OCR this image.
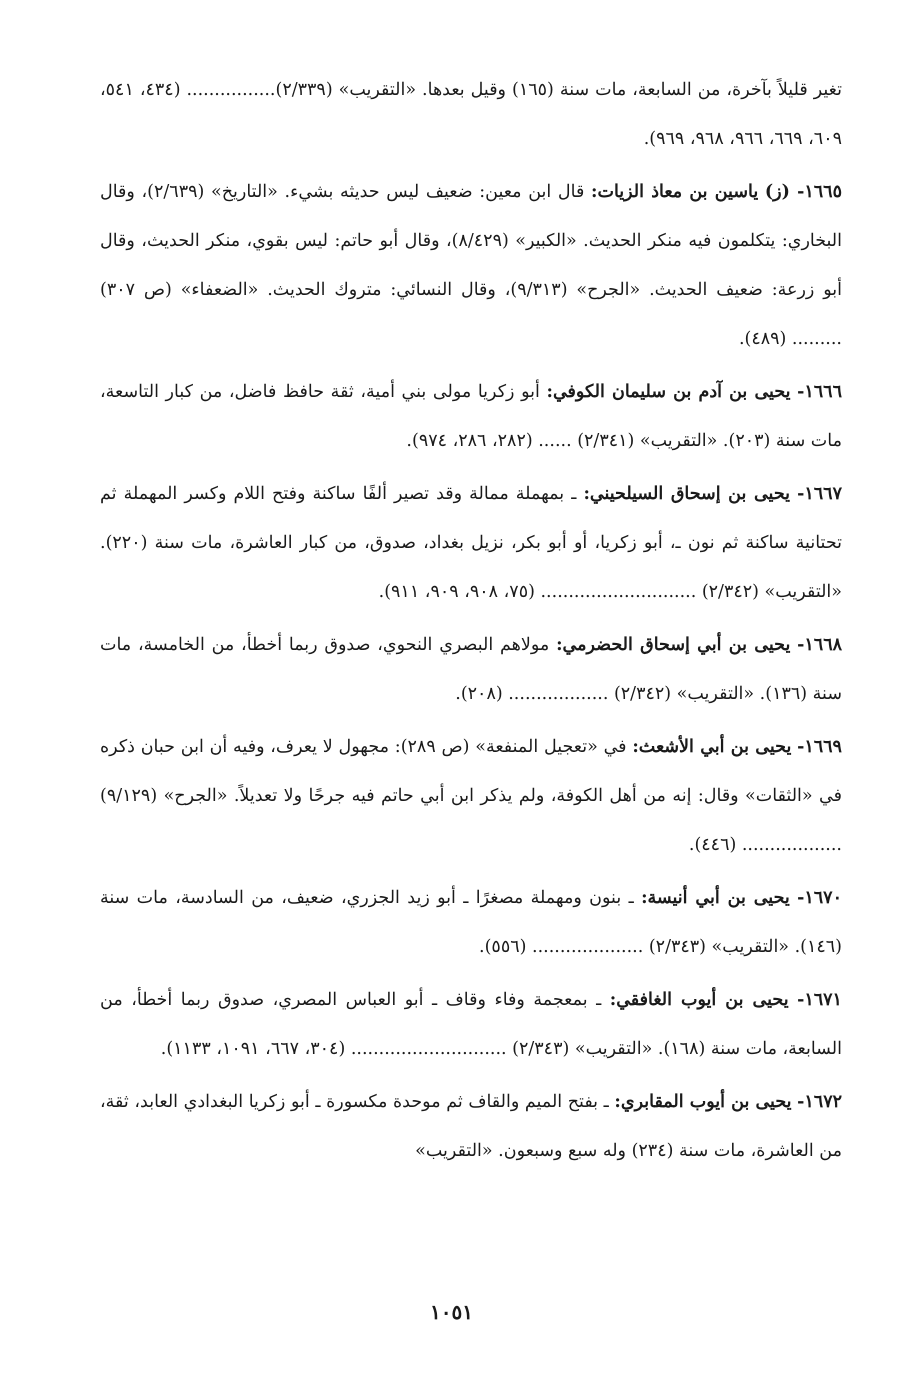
تغير قليلاً بآخرة، من السابعة، مات سنة (١٦٥) وقيل بعدها. «التقريب» (٢/٣٣٩)................ (٤٣٤، ٥٤١، ٦٠٩، ٦٦٩، ٩٦٦، ٩٦٨، ٩٦٩).

١٦٦٥- (ز) ياسين بن معاذ الزيات: قال ابن معين: ضعيف ليس حديثه بشيء. «التاريخ» (٢/٦٣٩)، وقال البخاري: يتكلمون فيه منكر الحديث. «الكبير» (٨/٤٢٩)، وقال أبو حاتم: ليس بقوي، منكر الحديث، وقال أبو زرعة: ضعيف الحديث. «الجرح» (٩/٣١٣)، وقال النسائي: متروك الحديث. «الضعفاء» (ص ٣٠٧) ......... (٤٨٩).

١٦٦٦- يحيى بن آدم بن سليمان الكوفي: أبو زكريا مولى بني أمية، ثقة حافظ فاضل، من كبار التاسعة، مات سنة (٢٠٣). «التقريب» (٢/٣٤١) ...... (٢٨٢، ٢٨٦، ٩٧٤).

١٦٦٧- يحيى بن إسحاق السيلحيني: ـ بمهملة ممالة وقد تصير ألفًا ساكنة وفتح اللام وكسر المهملة ثم تحتانية ساكنة ثم نون ـ، أبو زكريا، أو أبو بكر، نزيل بغداد، صدوق، من كبار العاشرة، مات سنة (٢٢٠). «التقريب» (٢/٣٤٢) ............................ (٧٥، ٩٠٨، ٩٠٩، ٩١١).

١٦٦٨- يحيى بن أبي إسحاق الحضرمي: مولاهم البصري النحوي، صدوق ربما أخطأ، من الخامسة، مات سنة (١٣٦). «التقريب» (٢/٣٤٢) .................. (٢٠٨).

١٦٦٩- يحيى بن أبي الأشعث: في «تعجيل المنفعة» (ص ٢٨٩): مجهول لا يعرف، وفيه أن ابن حبان ذكره في «الثقات» وقال: إنه من أهل الكوفة، ولم يذكر ابن أبي حاتم فيه جرحًا ولا تعديلاً. «الجرح» (٩/١٢٩) .................. (٤٤٦).

١٦٧٠- يحيى بن أبي أنيسة: ـ بنون ومهملة مصغرًا ـ أبو زيد الجزري، ضعيف، من السادسة، مات سنة (١٤٦). «التقريب» (٢/٣٤٣) .................... (٥٥٦).

١٦٧١- يحيى بن أيوب الغافقي: ـ بمعجمة وفاء وقاف ـ أبو العباس المصري، صدوق ربما أخطأ، من السابعة، مات سنة (١٦٨). «التقريب» (٢/٣٤٣) ............................ (٣٠٤، ٦٦٧، ١٠٩١، ١١٣٣).

١٦٧٢- يحيى بن أيوب المقابري: ـ بفتح الميم والقاف ثم موحدة مكسورة ـ أبو زكريا البغدادي العابد، ثقة، من العاشرة، مات سنة (٢٣٤) وله سبع وسبعون. «التقريب»

١٠٥١
